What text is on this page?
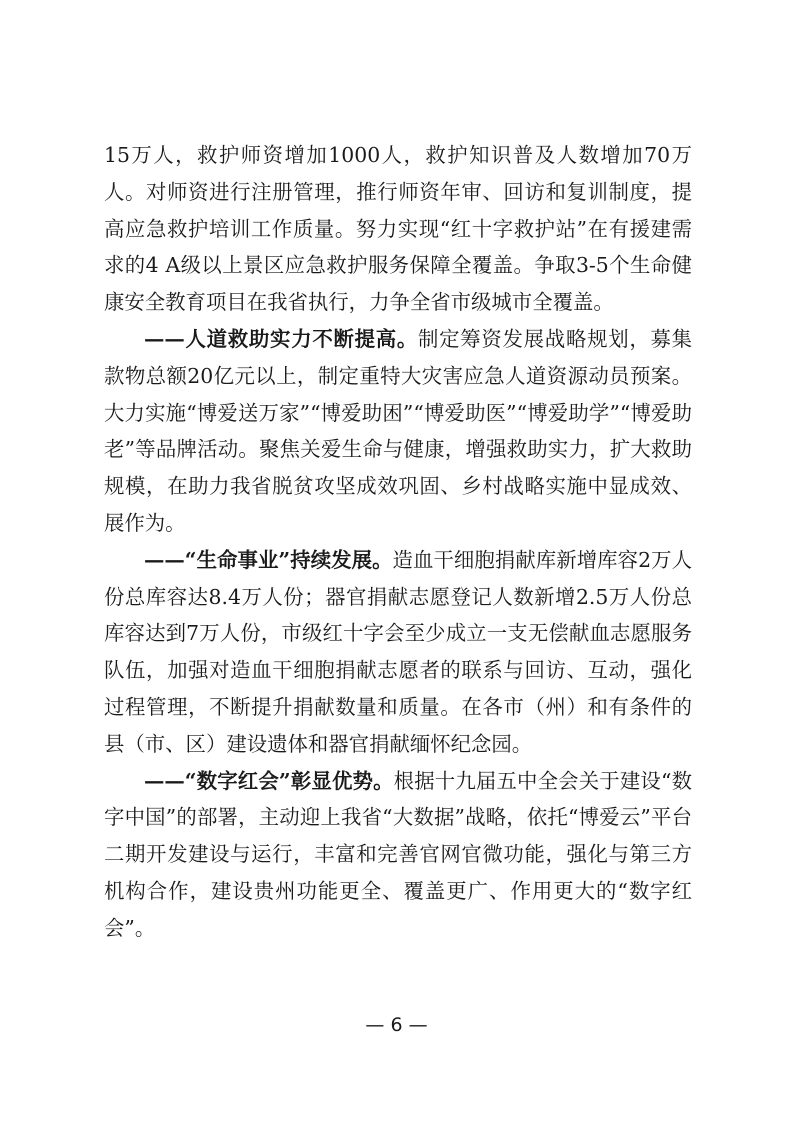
15万人，救护师资增加1000人，救护知识普及人数增加70万人。对师资进行注册管理，推行师资年审、回访和复训制度，提高应急救护培训工作质量。努力实现“红十字救护站”在有援建需求的4 A级以上景区应急救护服务保障全覆盖。争取3-5个生命健康安全教育项目在我省执行，力争全省市级城市全覆盖。

——人道救助实力不断提高。制定筹资发展战略规划，募集款物总额20亿元以上，制定重特大灾害应急人道资源动员预案。大力实施“博爱送万家”“博爱助困”“博爱助医”“博爱助学”“博爱助老”等品牌活动。聚焦关爱生命与健康，增强救助实力，扩大救助规模，在助力我省脱贫攻坚成效巩固、乡村战略实施中显成效、展作为。

——“生命事业”持续发展。造血干细胞捐献库新增库容2万人份总库容达8.4万人份；器官捐献志愿登记人数新增2.5万人份总库容达到7万人份，市级红十字会至少成立一支无偿献血志愿服务队伍，加强对造血干细胞捐献志愿者的联系与回访、互动，强化过程管理，不断提升捐献数量和质量。在各市（州）和有条件的县（市、区）建设遗体和器官捐献缅怀纪念园。

——“数字红会”彰显优势。根据十九届五中全会关于建设“数字中国”的部署，主动迎上我省“大数据”战略，依托“博爱云”平台二期开发建设与运行，丰富和完善官网官微功能，强化与第三方机构合作，建设贵州功能更全、覆盖更广、作用更大的“数字红会”。

— 6 —
